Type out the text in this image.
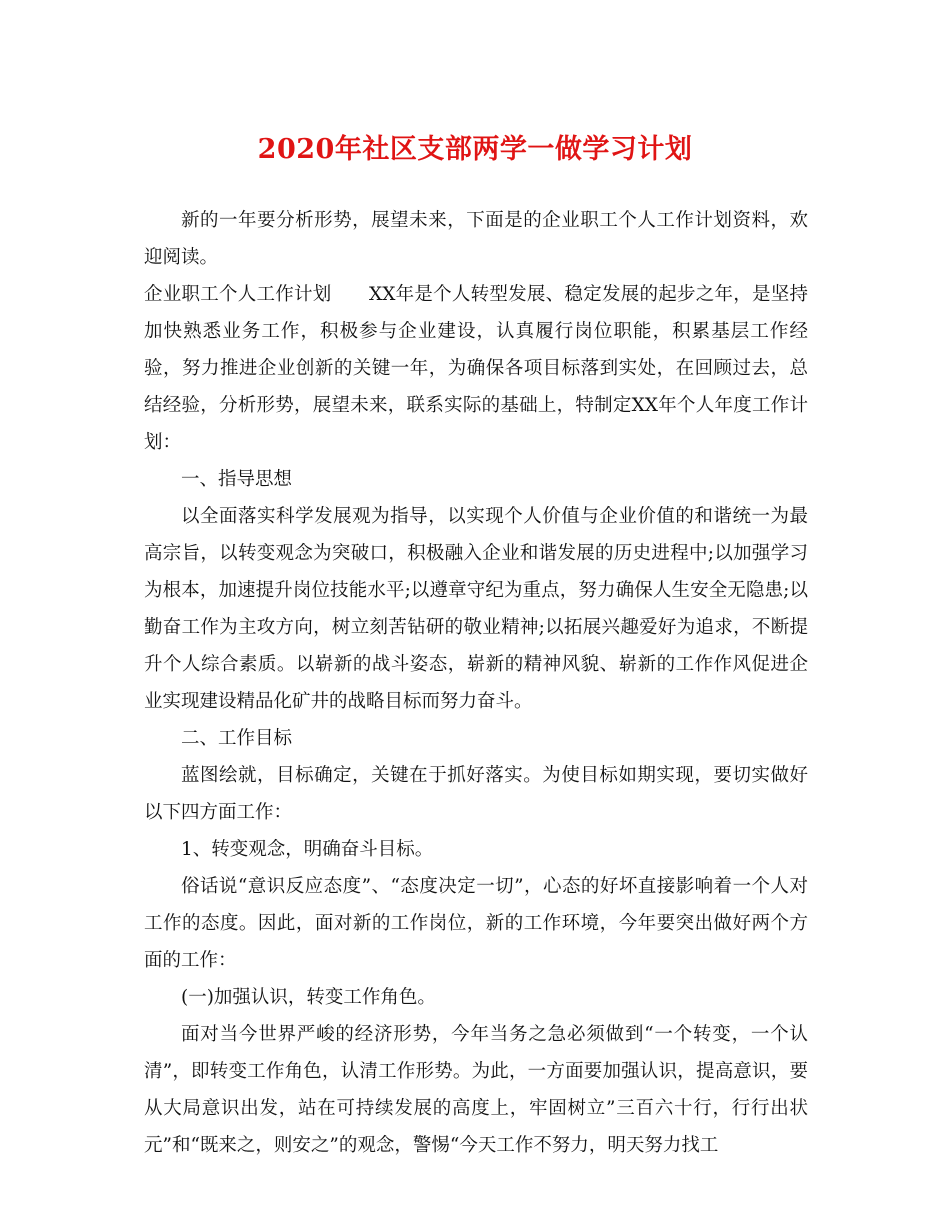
2020年社区支部两学一做学习计划

新的一年要分析形势，展望未来，下面是的企业职工个人工作计划资料，欢迎阅读。

企业职工个人工作计划　　XX年是个人转型发展、稳定发展的起步之年，是坚持加快熟悉业务工作，积极参与企业建设，认真履行岗位职能，积累基层工作经验，努力推进企业创新的关键一年，为确保各项目标落到实处，在回顾过去，总结经验，分析形势，展望未来，联系实际的基础上，特制定XX年个人年度工作计划：

一、指导思想

以全面落实科学发展观为指导，以实现个人价值与企业价值的和谐统一为最高宗旨，以转变观念为突破口，积极融入企业和谐发展的历史进程中;以加强学习为根本，加速提升岗位技能水平;以遵章守纪为重点，努力确保人生安全无隐患;以勤奋工作为主攻方向，树立刻苦钻研的敬业精神;以拓展兴趣爱好为追求，不断提升个人综合素质。以崭新的战斗姿态，崭新的精神风貌、崭新的工作作风促进企业实现建设精品化矿井的战略目标而努力奋斗。

二、工作目标

蓝图绘就，目标确定，关键在于抓好落实。为使目标如期实现，要切实做好以下四方面工作：

1、转变观念，明确奋斗目标。

俗话说“意识反应态度”、“态度决定一切”，心态的好坏直接影响着一个人对工作的态度。因此，面对新的工作岗位，新的工作环境，今年要突出做好两个方面的工作：

(一)加强认识，转变工作角色。

面对当今世界严峻的经济形势，今年当务之急必须做到“一个转变，一个认清”，即转变工作角色，认清工作形势。为此，一方面要加强认识，提高意识，要从大局意识出发，站在可持续发展的高度上，牢固树立”三百六十行，行行出状元”和“既来之，则安之”的观念，警惕“今天工作不努力，明天努力找工
